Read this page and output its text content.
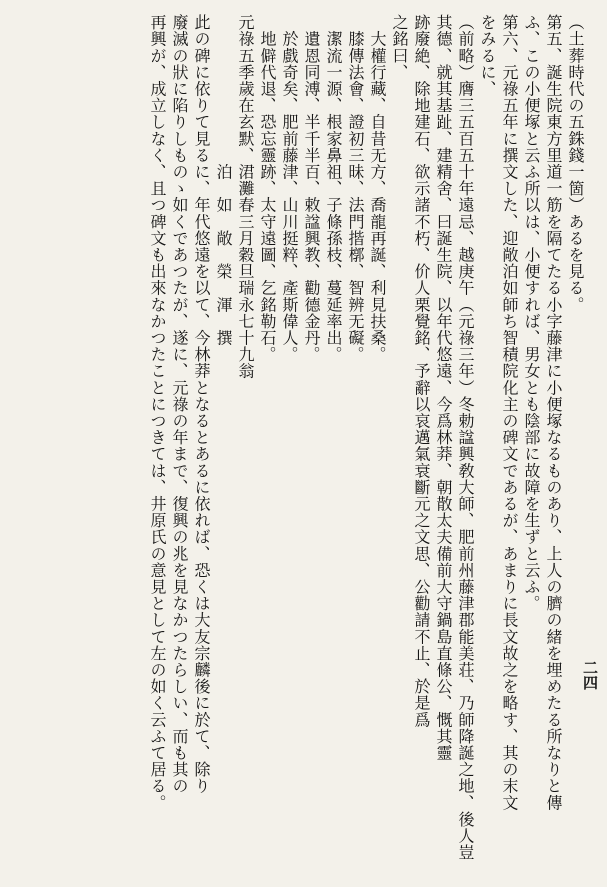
二四
（土葬時代の五銖錢一箇）あるを見る。
第五、誕生院東方里道一筋を隔てたる小字藤津に小便塚なるものあり、上人の臍の緒を埋めたる所なりと傳
ふ、この小便塚と云ふ所以は、小便すれば、男女とも陰部に故障を生ずと云ふ。
第六、元祿五年に撰文した、迎敞泊如師ち智積院化主の碑文であるが、あまりに長文故之を略す、其の末文
をみるに、
（前略）膺三五百五十年遠忌、越庚午（元祿三年）冬勅諡興敎大師、肥前州藤津郡能美荘、乃師降誕之地、後人豈
其德、就其基趾、建精舍、曰誕生院、以年代悠遠、今爲林莽、朝散太夫備前大守鍋島直條公、慨其靈
跡廢絶、除地建石、欲示諸不朽、价人栗覺銘、予辭以哀邁氣衰斷元之文思、公勸請不止、於是爲
之銘曰、
　大權行藏、自昔无方、喬龍再誕、利見扶桑。
　膝傳法會、證初三昧、法門揩槨、智辨无礙。
　潔流一源、根家鼻祖、子條孫枝、蔓延率出。
　遺恩同溥、半千半百、敕諡興教、勸德金丹。
　於戲奇矣、肥前藤津、山川挺粹、產斯偉人。
　地僻代退、恐忘靈跡、太守遠圖、乞銘勒石。
元祿五季歲在玄默、涒灘春三月穀旦瑞永七十九翁
　　　　　　　　　泊　如　敞　榮　渾　撰
此の碑に依りて見るに、年代悠遠を以て、今林莽となるとあるに依れば、恐くは大友宗麟後に於て、除り
廢滅の狀に陷りしものゝ如くであつたが、遂に、元祿の年まで、復興の兆を見なかつたらしい、而も其の
再興が、成立しなく、且つ碑文も出來なかつたことにつきては、井原氏の意見として左の如く云ふて居る。
